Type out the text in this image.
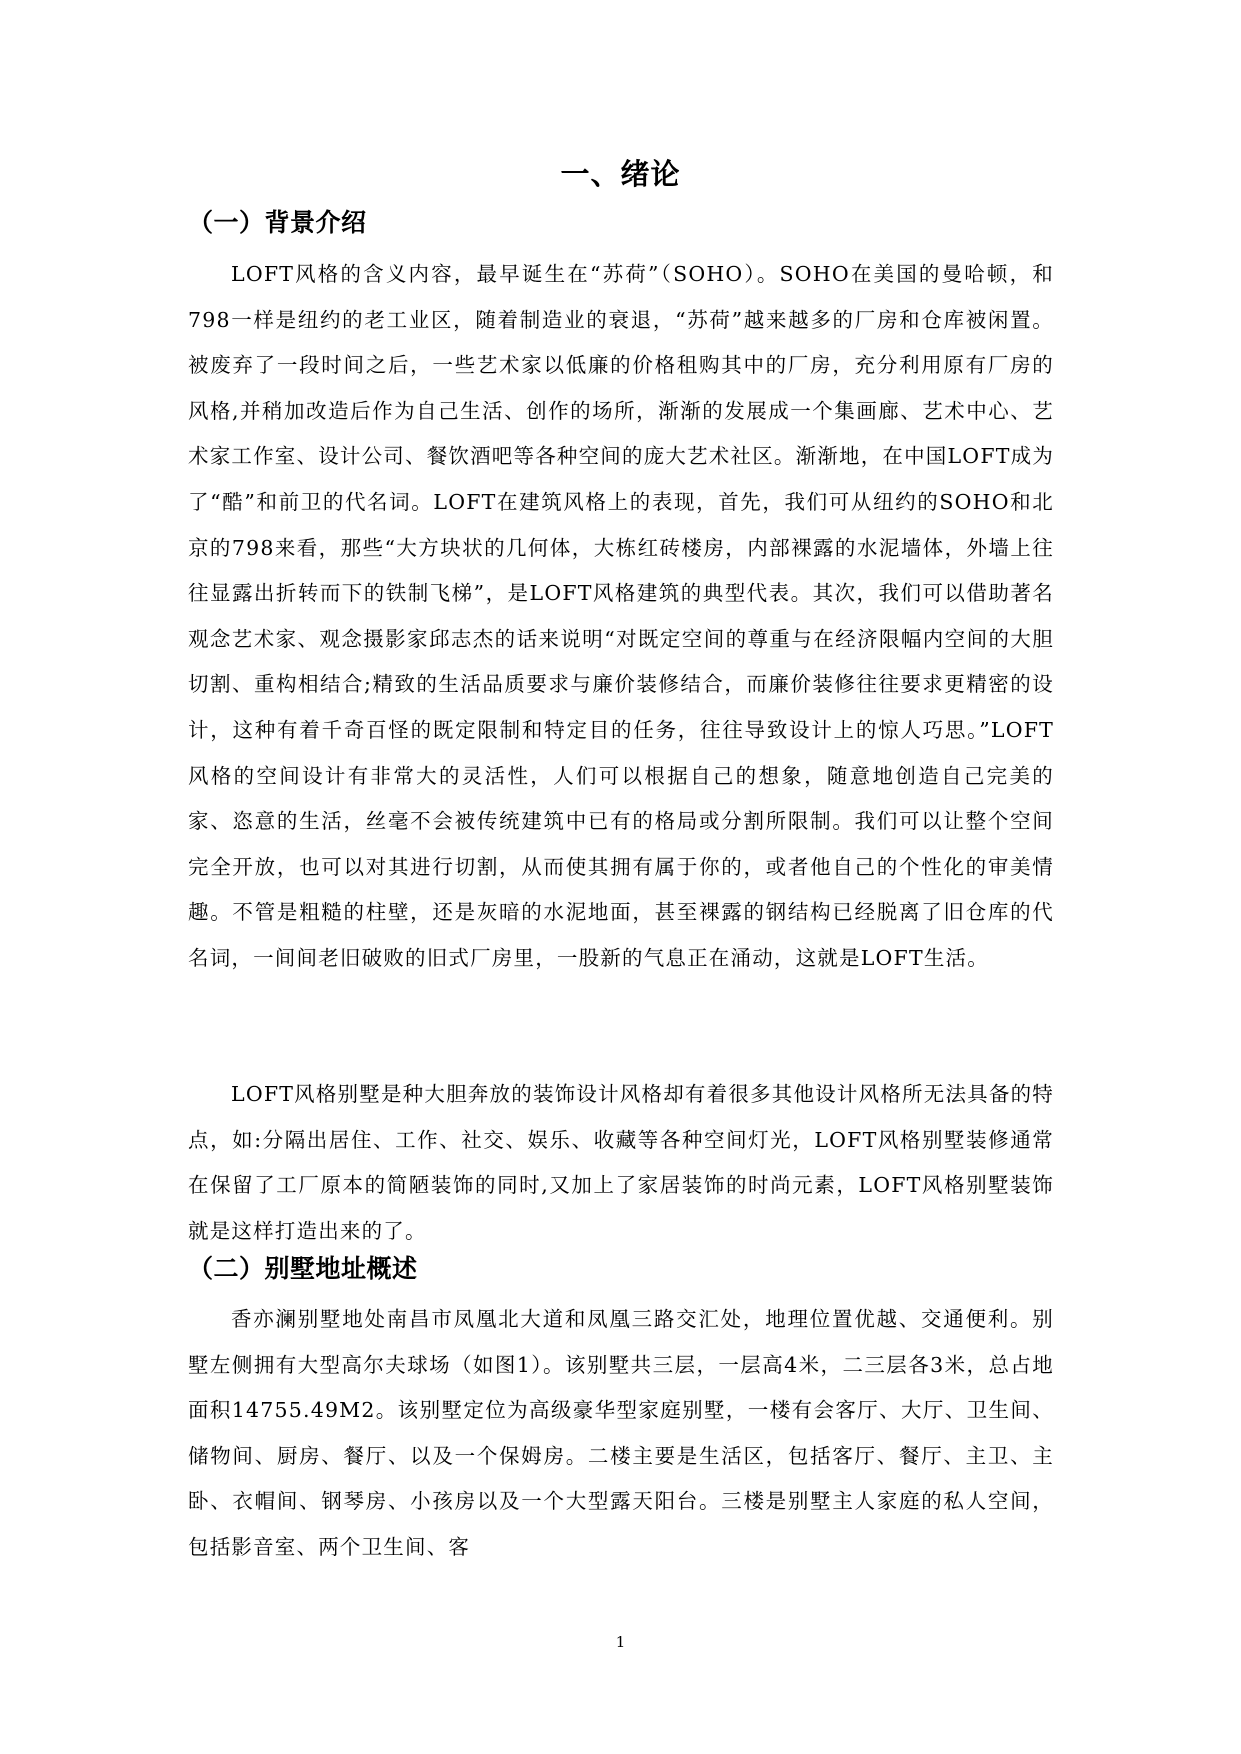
一、绪论
（一）背景介绍

LOFT风格的含义内容，最早诞生在“苏荷”（SOHO）。SOHO在美国的曼哈顿，和798一样是纽约的老工业区，随着制造业的衰退，“苏荷”越来越多的厂房和仓库被闲置。被废弃了一段时间之后，一些艺术家以低廉的价格租购其中的厂房，充分利用原有厂房的风格,并稍加改造后作为自己生活、创作的场所，渐渐的发展成一个集画廊、艺术中心、艺术家工作室、设计公司、餐饮酒吧等各种空间的庞大艺术社区。渐渐地，在中国LOFT成为了“酷”和前卫的代名词。LOFT在建筑风格上的表现，首先，我们可从纽约的SOHO和北京的798来看，那些“大方块状的几何体，大栋红砖楼房，内部裸露的水泥墙体，外墙上往往显露出折转而下的铁制飞梯”，是LOFT风格建筑的典型代表。其次，我们可以借助著名观念艺术家、观念摄影家邱志杰的话来说明“对既定空间的尊重与在经济限幅内空间的大胆切割、重构相结合;精致的生活品质要求与廉价装修结合，而廉价装修往往要求更精密的设计，这种有着千奇百怪的既定限制和特定目的任务，往往导致设计上的惊人巧思。”LOFT风格的空间设计有非常大的灵活性，人们可以根据自己的想象，随意地创造自己完美的家、恣意的生活，丝毫不会被传统建筑中已有的格局或分割所限制。我们可以让整个空间完全开放，也可以对其进行切割，从而使其拥有属于你的，或者他自己的个性化的审美情趣。不管是粗糙的柱壁，还是灰暗的水泥地面，甚至裸露的钢结构已经脱离了旧仓库的代名词，一间间老旧破败的旧式厂房里，一股新的气息正在涌动，这就是LOFT生活。

LOFT风格别墅是种大胆奔放的装饰设计风格却有着很多其他设计风格所无法具备的特点，如:分隔出居住、工作、社交、娱乐、收藏等各种空间灯光，LOFT风格别墅装修通常在保留了工厂原本的简陋装饰的同时,又加上了家居装饰的时尚元素，LOFT风格别墅装饰就是这样打造出来的了。

（二）别墅地址概述

香亦澜别墅地处南昌市凤凰北大道和凤凰三路交汇处，地理位置优越、交通便利。别墅左侧拥有大型高尔夫球场（如图1）。该别墅共三层，一层高4米，二三层各3米，总占地面积14755.49M2。该别墅定位为高级豪华型家庭别墅，一楼有会客厅、大厅、卫生间、储物间、厨房、餐厅、以及一个保姆房。二楼主要是生活区，包括客厅、餐厅、主卫、主卧、衣帽间、钢琴房、小孩房以及一个大型露天阳台。三楼是别墅主人家庭的私人空间，包括影音室、两个卫生间、客

1
